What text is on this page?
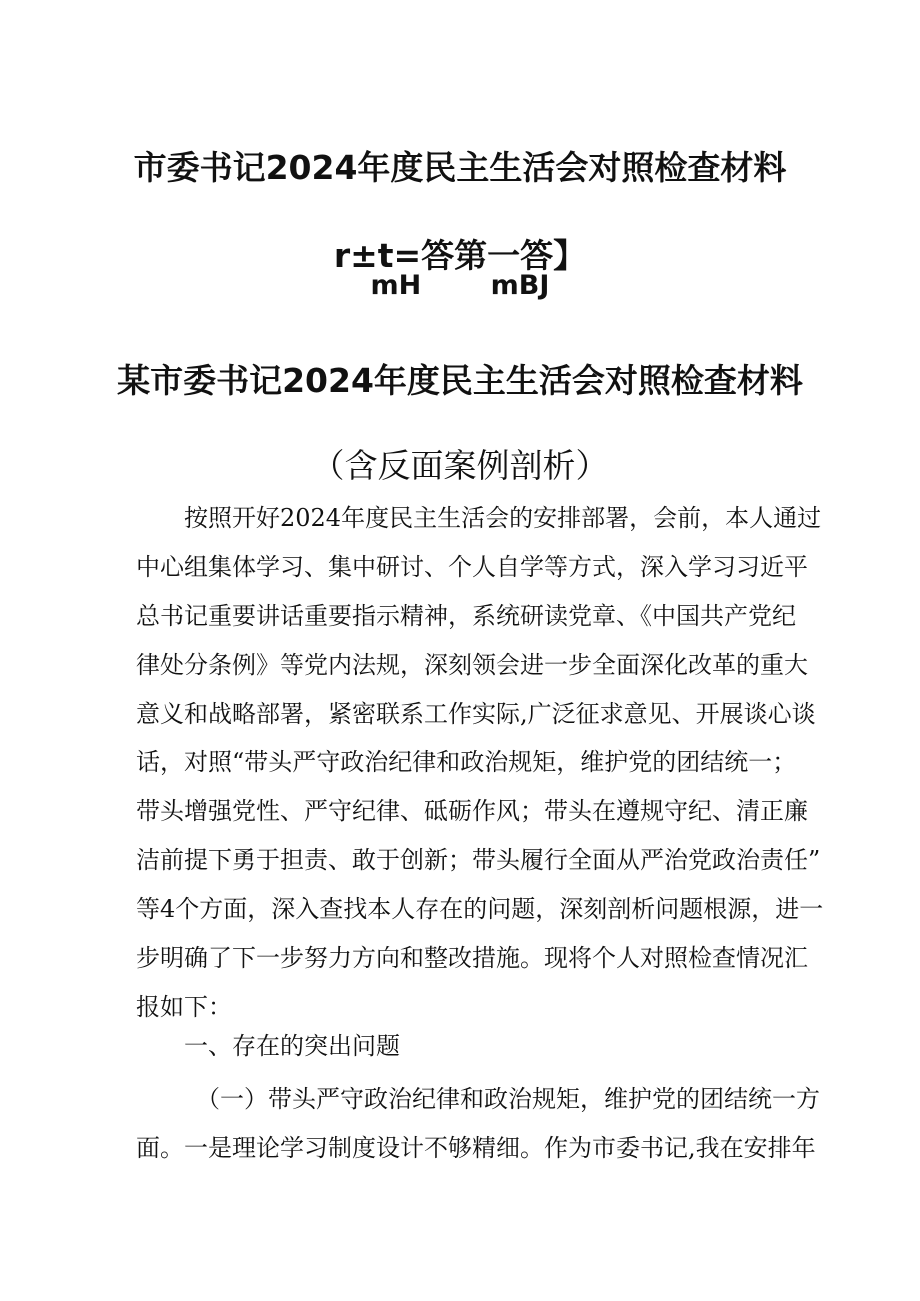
市委书记2024年度民主生活会对照检查材料
r±t=答第一答】
mH mBJ
某市委书记2024年度民主生活会对照检查材料
（含反面案例剖析）
按照开好2024年度民主生活会的安排部署，会前，本人通过
中心组集体学习、集中研讨、个人自学等方式，深入学习习近平
总书记重要讲话重要指示精神，系统研读党章、《中国共产党纪
律处分条例》等党内法规，深刻领会进一步全面深化改革的重大
意义和战略部署，紧密联系工作实际,广泛征求意见、开展谈心谈
话，对照“带头严守政治纪律和政治规矩，维护党的团结统一；
带头增强党性、严守纪律、砥砺作风；带头在遵规守纪、清正廉
洁前提下勇于担责、敢于创新；带头履行全面从严治党政治责任”
等4个方面，深入查找本人存在的问题，深刻剖析问题根源，进一
步明确了下一步努力方向和整改措施。现将个人对照检查情况汇
报如下：
一、存在的突出问题
（一）带头严守政治纪律和政治规矩，维护党的团结统一方
面。一是理论学习制度设计不够精细。作为市委书记,我在安排年
